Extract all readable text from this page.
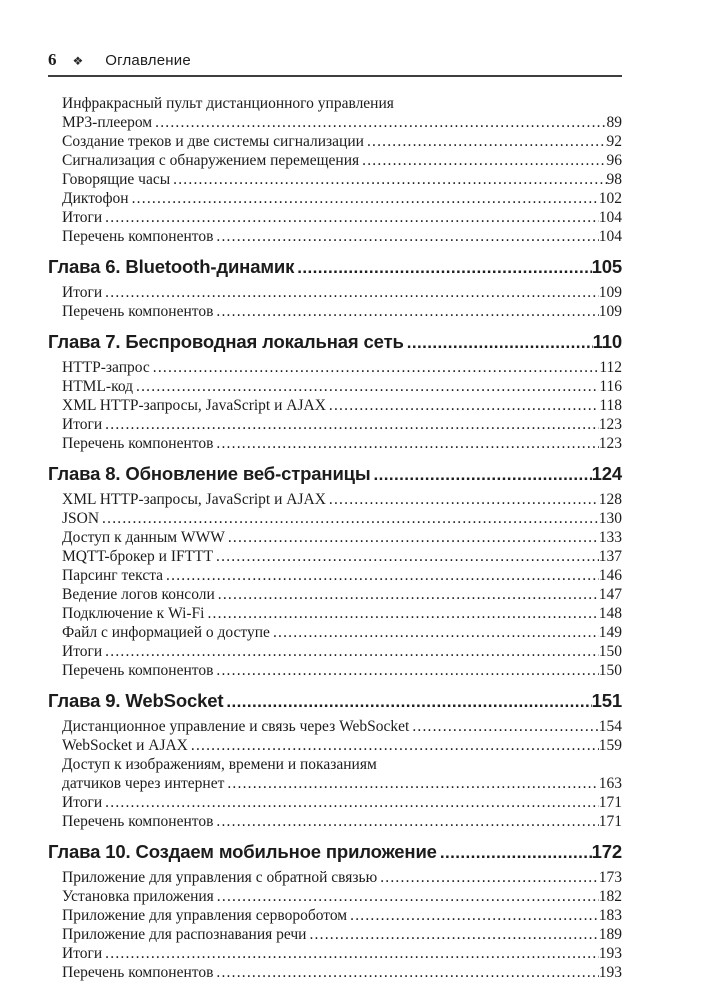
6 ❖ Оглавление
Инфракрасный пульт дистанционного управления
MP3-плеером .....	89
Создание треков и две системы сигнализации .....	92
Сигнализация с обнаружением перемещения .....	96
Говорящие часы .....	98
Диктофон .....	102
Итоги .....	104
Перечень компонентов .....	104
Глава 6. Bluetooth-динамик .....	105
Итоги .....	109
Перечень компонентов .....	109
Глава 7. Беспроводная локальная сеть .....	110
HTTP-запрос .....	112
HTML-код .....	116
XML HTTP-запросы, JavaScript и AJAX .....	118
Итоги .....	123
Перечень компонентов .....	123
Глава 8. Обновление веб-страницы .....	124
XML HTTP-запросы, JavaScript и AJAX .....	128
JSON .....	130
Доступ к данным WWW .....	133
MQTT-брокер и IFTTT .....	137
Парсинг текста .....	146
Ведение логов консоли .....	147
Подключение к Wi-Fi .....	148
Файл с информацией о доступе .....	149
Итоги .....	150
Перечень компонентов .....	150
Глава 9. WebSocket .....	151
Дистанционное управление и связь через WebSocket .....	154
WebSocket и AJAX .....	159
Доступ к изображениям, времени и показаниям
датчиков через интернет .....	163
Итоги .....	171
Перечень компонентов .....	171
Глава 10. Создаем мобильное приложение .....	172
Приложение для управления с обратной связью .....	173
Установка приложения .....	182
Приложение для управления сервороботом .....	183
Приложение для распознавания речи .....	189
Итоги .....	193
Перечень компонентов .....	193
